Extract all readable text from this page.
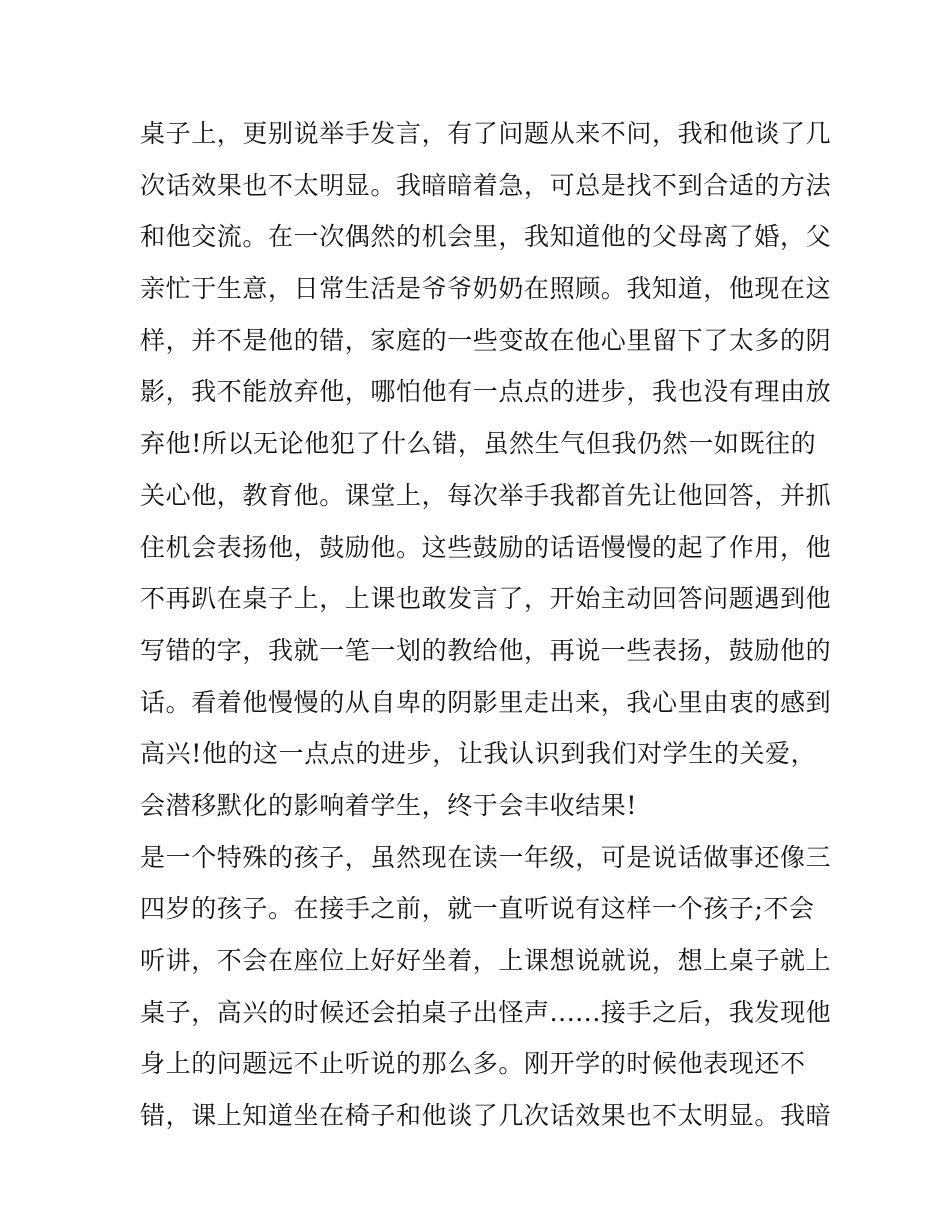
桌子上，更别说举手发言，有了问题从来不问，我和他谈了几
次话效果也不太明显。我暗暗着急，可总是找不到合适的方法
和他交流。在一次偶然的机会里，我知道他的父母离了婚，父
亲忙于生意，日常生活是爷爷奶奶在照顾。我知道，他现在这
样，并不是他的错，家庭的一些变故在他心里留下了太多的阴
影，我不能放弃他，哪怕他有一点点的进步，我也没有理由放
弃他!所以无论他犯了什么错，虽然生气但我仍然一如既往的
关心他，教育他。课堂上，每次举手我都首先让他回答，并抓
住机会表扬他，鼓励他。这些鼓励的话语慢慢的起了作用，他
不再趴在桌子上，上课也敢发言了，开始主动回答问题遇到他
写错的字，我就一笔一划的教给他，再说一些表扬，鼓励他的
话。看着他慢慢的从自卑的阴影里走出来，我心里由衷的感到
高兴!他的这一点点的进步，让我认识到我们对学生的关爱，
会潜移默化的影响着学生，终于会丰收结果!
是一个特殊的孩子，虽然现在读一年级，可是说话做事还像三
四岁的孩子。在接手之前，就一直听说有这样一个孩子;不会
听讲，不会在座位上好好坐着，上课想说就说，想上桌子就上
桌子，高兴的时候还会拍桌子出怪声......接手之后，我发现他
身上的问题远不止听说的那么多。刚开学的时候他表现还不
错，课上知道坐在椅子和他谈了几次话效果也不太明显。我暗
